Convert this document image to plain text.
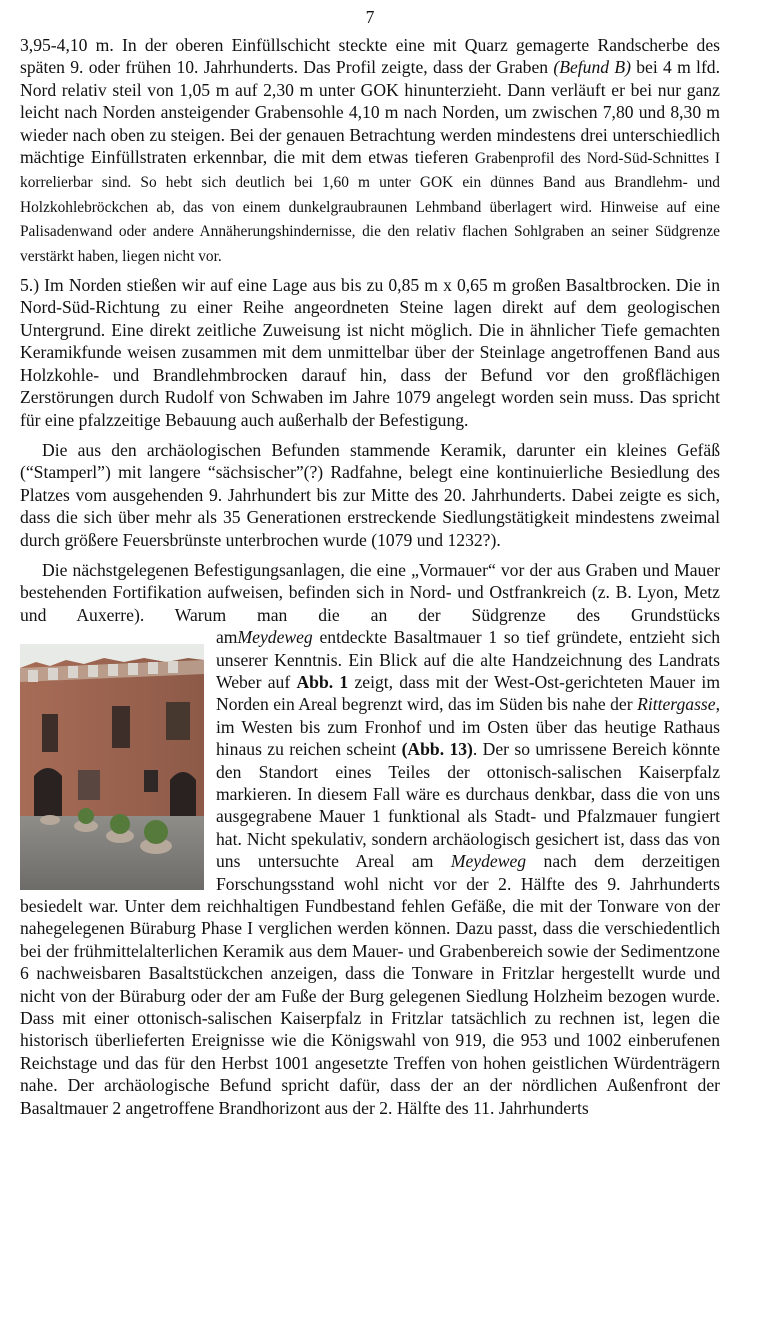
7

3,95-4,10 m. In der oberen Einfüllschicht steckte eine mit Quarz gemagerte Randscherbe des späten 9. oder frühen 10. Jahrhunderts. Das Profil zeigte, dass der Graben (Befund B) bei 4 m lfd. Nord relativ steil von 1,05 m auf 2,30 m unter GOK hinunterzieht. Dann verläuft er bei nur ganz leicht nach Norden ansteigender Grabensohle 4,10 m nach Norden, um zwischen 7,80 und 8,30 m wieder nach oben zu steigen. Bei der genauen Betrachtung werden mindestens drei unterschiedlich mächtige Einfüllstraten erkennbar, die mit dem etwas tieferen Grabenprofil des Nord-Süd-Schnittes I korrelierbar sind. So hebt sich deutlich bei 1,60 m unter GOK ein dünnes Band aus Brandlehm- und Holzkohlebröckchen ab, das von einem dunkelgraubraunen Lehmband überlagert wird. Hinweise auf eine Palisadenwand oder andere Annäherungshindernisse, die den relativ flachen Sohlgraben an seiner Südgrenze verstärkt haben, liegen nicht vor.

5.) Im Norden stießen wir auf eine Lage aus bis zu 0,85 m x 0,65 m großen Basaltbrocken. Die in Nord-Süd-Richtung zu einer Reihe angeordneten Steine lagen direkt auf dem geologischen Untergrund. Eine direkt zeitliche Zuweisung ist nicht möglich. Die in ähnlicher Tiefe gemachten Keramikfunde weisen zusammen mit dem unmittelbar über der Steinlage angetroffenen Band aus Holzkohle- und Brandlehmbrocken darauf hin, dass der Befund vor den großflächigen Zerstörungen durch Rudolf von Schwaben im Jahre 1079 angelegt worden sein muss. Das spricht für eine pfalzzeitige Bebauung auch außerhalb der Befestigung.

Die aus den archäologischen Befunden stammende Keramik, darunter ein kleines Gefäß (“Stamperl”) mit langere “sächsischer”(?) Radfahne, belegt eine kontinuierliche Besiedlung des Platzes vom ausgehenden 9. Jahrhundert bis zur Mitte des 20. Jahrhunderts. Dabei zeigte es sich, dass die sich über mehr als 35 Generationen erstreckende Siedlungstätigkeit mindestens zweimal durch größere Feuersbrünste unterbrochen wurde (1079 und 1232?).

Die nächstgelegenen Befestigungsanlagen, die eine „Vormauer“ vor der aus Graben und Mauer bestehenden Fortifikation aufweisen, befinden sich in Nord- und Ostfrankreich (z. B. Lyon, Metz und Auxerre). Warum man die an der Südgrenze des Grundstücks am
Meydeweg entdeckte Basaltmauer 1 so tief gründete, entzieht sich unserer Kenntnis. Ein Blick auf die alte Handzeichnung des Landrats Weber auf Abb. 1 zeigt, dass mit der West-Ost-gerichteten Mauer im Norden ein Areal begrenzt wird, das im Süden bis nahe der Rittergasse, im Westen bis zum Fronhof und im Osten über das heutige Rathaus hinaus zu reichen scheint (Abb. 13). Der so umrissene Bereich könnte den Standort eines Teiles der ottonisch-salischen Kaiserpfalz markieren. In diesem Fall wäre es durchaus denkbar, dass die von uns ausgegrabene Mauer 1 funktional als Stadt- und Pfalzmauer fungiert hat. Nicht spekulativ, sondern archäologisch gesichert ist, dass das von uns untersuchte Areal am Meydeweg nach dem derzeitigen Forschungsstand wohl nicht vor der 2. Hälfte des 9. Jahrhunderts besiedelt war. Unter dem reichhaltigen Fundbestand fehlen Gefäße, die mit der Tonware von der nahegelegenen Büraburg Phase I verglichen werden können. Dazu passt, dass die verschiedentlich bei der frühmittelalterlichen Keramik aus dem Mauer- und Grabenbereich sowie der Sedimentzone 6 nachweisbaren Basaltstückchen anzeigen, dass die Tonware in Fritzlar hergestellt wurde und nicht von der Büraburg oder der am Fuße der Burg gelegenen Siedlung Holzheim bezogen wurde. Dass mit einer ottonisch-salischen Kaiserpfalz in Fritzlar tatsächlich zu rechnen ist, legen die historisch überlieferten Ereignisse wie die Königswahl von 919, die 953 und 1002 einberufenen Reichstage und das für den Herbst 1001 angesetzte Treffen von hohen geistlichen Würdenträgern nahe. Der archäologische Befund spricht dafür, dass der an der nördlichen Außenfront der Basaltmauer 2 angetroffene Brandhorizont aus der 2. Hälfte des 11. Jahrhunderts
